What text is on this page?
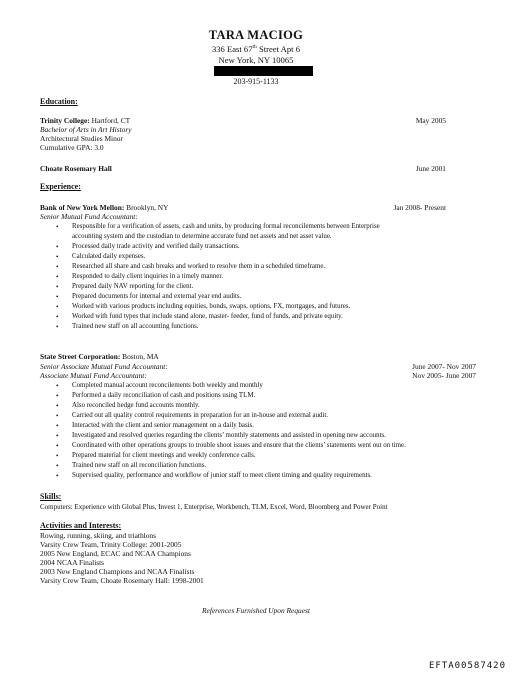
TARA MACIOG
336 East 67th Street Apt 6
New York, NY 10065
203-915-1133
Education:
Trinity College: Hartford, CT	May 2005
Bachelor of Arts in Art History
Architectural Studies Minor
Cumulative GPA: 3.0
Choate Rosemary Hall	June 2001
Experience:
Bank of New York Mellon: Brooklyn, NY	Jan 2008- Present
Senior Mutual Fund Accountant:
• Responsible for a verification of assets, cash and units, by producing formal reconcilements between Enterprise
accounting system and the custodian to determine accurate fund net assets and net asset value.
• Processed daily trade activity and verified daily transactions.
• Calculated daily expenses.
• Researched all share and cash breaks and worked to resolve them in a scheduled timeframe.
• Responded to daily client inquiries in a timely manner.
• Prepared daily NAV reporting for the client.
• Prepared documents for internal and external year end audits.
• Worked with various products including equities, bonds, swaps, options, FX, mortgages, and futures.
• Worked with fund types that include stand alone, master- feeder, fund of funds, and private equity.
• Trained new staff on all accounting functions.
State Street Corporation: Boston, MA
Senior Associate Mutual Fund Accountant:	June 2007- Nov 2007
Associate Mutual Fund Accountant:	Nov 2005- June 2007
• Completed manual account reconcilements both weekly and monthly
• Performed a daily reconciliation of cash and positions using TLM.
• Also reconciled hedge fund accounts monthly.
• Carried out all quality control requirements in preparation for an in-house and external audit.
• Interacted with the client and senior management on a daily basis.
• Investigated and resolved queries regarding the clients’ monthly statements and assisted in opening new accounts.
• Coordinated with other operations groups to trouble shoot issues and ensure that the clients’ statements went out on time.
• Prepared material for client meetings and weekly conference calls.
• Trained new staff on all reconciliation functions.
• Supervised quality, performance and workflow of junior staff to meet client timing and quality requirements.
Skills:
Computers: Experience with Global Plus, Invest 1, Enterprise, Workbench, TLM, Excel, Word, Bloomberg and Power Point
Activities and Interests:
Rowing, running, skiing, and triathlons
Varsity Crew Team, Trinity College: 2001-2005
2005 New England, ECAC and NCAA Champions
2004 NCAA Finalists
2003 New England Champions and NCAA Finalists
Varsity Crew Team, Choate Rosemary Hall: 1998-2001
References Furnished Upon Request
EFTA00587420
